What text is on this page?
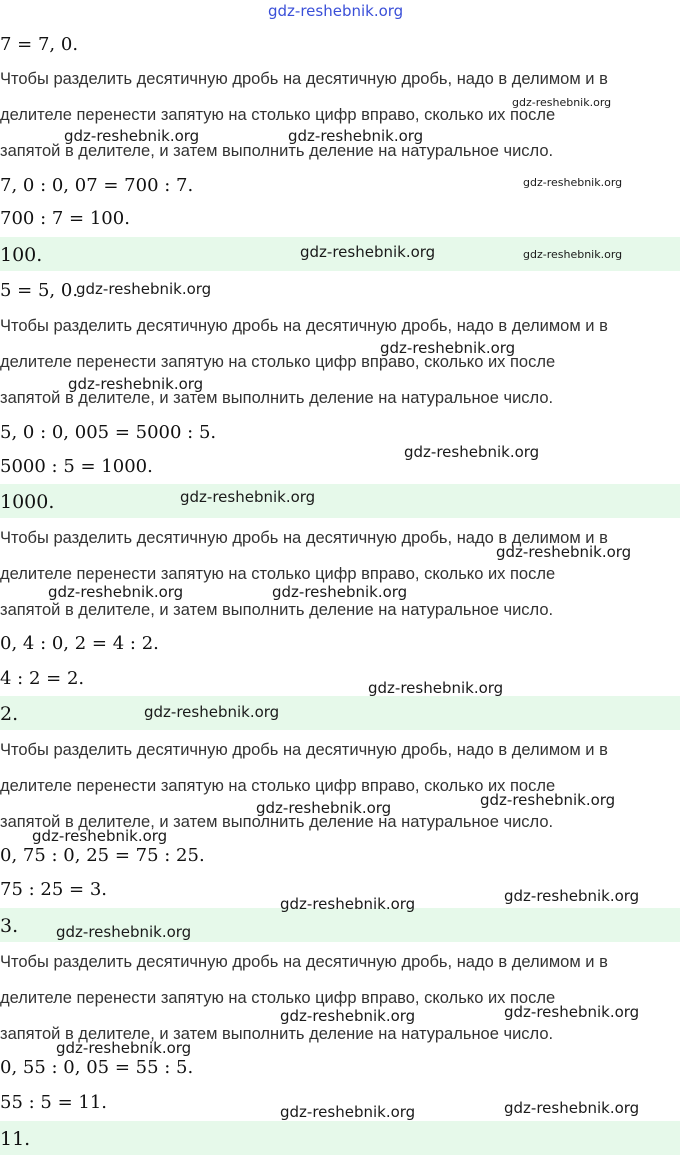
gdz-reshebnik.org
7 = 7, 0.
Чтобы разделить десятичную дробь на десятичную дробь, надо в делимом и в
делителе перенести запятую на столько цифр вправо, сколько их после
запятой в делителе, и затем выполнить деление на натуральное число.
7, 0 : 0, 07 = 700 : 7.
700 : 7 = 100.
100.
5 = 5, 0.
Чтобы разделить десятичную дробь на десятичную дробь, надо в делимом и в
делителе перенести запятую на столько цифр вправо, сколько их после
запятой в делителе, и затем выполнить деление на натуральное число.
5, 0 : 0, 005 = 5000 : 5.
5000 : 5 = 1000.
1000.
Чтобы разделить десятичную дробь на десятичную дробь, надо в делимом и в
делителе перенести запятую на столько цифр вправо, сколько их после
запятой в делителе, и затем выполнить деление на натуральное число.
0, 4 : 0, 2 = 4 : 2.
4 : 2 = 2.
2.
Чтобы разделить десятичную дробь на десятичную дробь, надо в делимом и в
делителе перенести запятую на столько цифр вправо, сколько их после
запятой в делителе, и затем выполнить деление на натуральное число.
0, 75 : 0, 25 = 75 : 25.
75 : 25 = 3.
3.
Чтобы разделить десятичную дробь на десятичную дробь, надо в делимом и в
делителе перенести запятую на столько цифр вправо, сколько их после
запятой в делителе, и затем выполнить деление на натуральное число.
0, 55 : 0, 05 = 55 : 5.
55 : 5 = 11.
11.
gdz-reshebnik.org
gdz-reshebnik.org	gdz-reshebnik.org
gdz-reshebnik.org
gdz-reshebnik.org	gdz-reshebnik.org
gdz-reshebnik.org
gdz-reshebnik.org
gdz-reshebnik.org
gdz-reshebnik.org
gdz-reshebnik.org
gdz-reshebnik.org
gdz-reshebnik.org	gdz-reshebnik.org
gdz-reshebnik.org
gdz-reshebnik.org
gdz-reshebnik.org
gdz-reshebnik.org
gdz-reshebnik.org
gdz-reshebnik.org
gdz-reshebnik.org
gdz-reshebnik.org
gdz-reshebnik.org
gdz-reshebnik.org
gdz-reshebnik.org
gdz-reshebnik.org
gdz-reshebnik.org
